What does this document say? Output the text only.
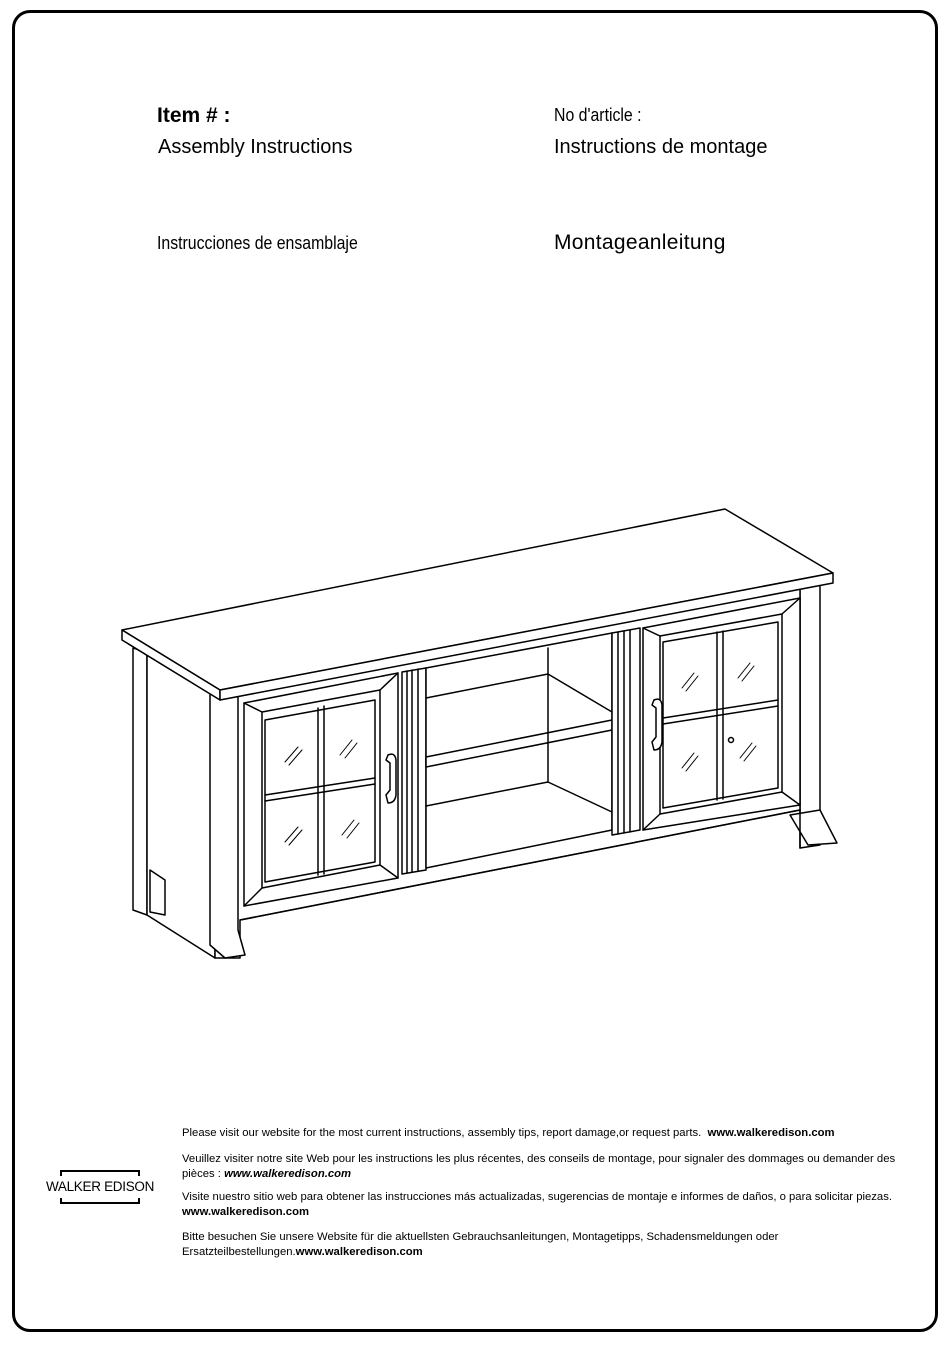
Item # :
Assembly Instructions
No d'article :
Instructions de montage
Instrucciones de ensamblaje	Montageanleitung
WALKER EDISON

Please visit our website for the most current instructions, assembly tips, report damage,or request parts. www.walkeredison.com

Veuillez visiter notre site Web pour les instructions les plus récentes, des conseils de montage, pour signaler des dommages ou demander des pièces : www.walkeredison.com

Visite nuestro sitio web para obtener las instrucciones más actualizadas, sugerencias de montaje e informes de daños, o para solicitar piezas. www.walkeredison.com

Bitte besuchen Sie unsere Website für die aktuellsten Gebrauchsanleitungen, Montagetipps, Schadensmeldungen oder Ersatzteilbestellungen.www.walkeredison.com
